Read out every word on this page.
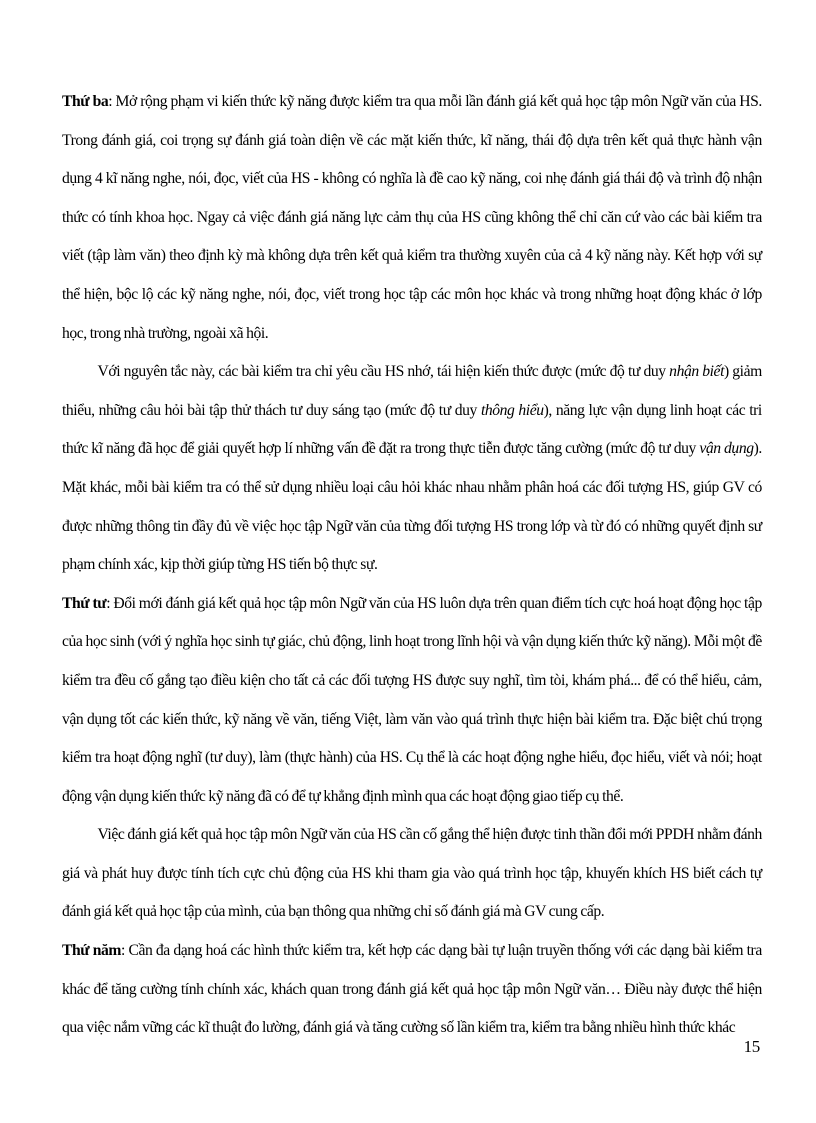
Thứ ba: Mở rộng phạm vi kiến thức kỹ năng được kiểm tra qua mỗi lần đánh giá kết quả học tập môn Ngữ văn của HS. Trong đánh giá, coi trọng sự đánh giá toàn diện về các mặt kiến thức, kĩ năng, thái độ dựa trên kết quả thực hành vận dụng 4 kĩ năng nghe, nói, đọc, viết của HS - không có nghĩa là đề cao kỹ năng, coi nhẹ đánh giá thái độ và trình độ nhận thức có tính khoa học. Ngay cả việc đánh giá năng lực cảm thụ của HS cũng không thể chỉ căn cứ vào các bài kiểm tra viết (tập làm văn) theo định kỳ mà không dựa trên kết quả kiểm tra thường xuyên của cả 4 kỹ năng này. Kết hợp với sự thể hiện, bộc lộ các kỹ năng nghe, nói, đọc, viết trong học tập các môn học khác và trong những hoạt động khác ở lớp học, trong nhà trường, ngoài xã hội.

Với nguyên tắc này, các bài kiểm tra chỉ yêu cầu HS nhớ, tái hiện kiến thức được (mức độ tư duy nhận biết) giảm thiểu, những câu hỏi bài tập thử thách tư duy sáng tạo (mức độ tư duy thông hiểu), năng lực vận dụng linh hoạt các tri thức kĩ năng đã học để giải quyết hợp lí những vấn đề đặt ra trong thực tiễn được tăng cường (mức độ tư duy vận dụng). Mặt khác, mỗi bài kiểm tra có thể sử dụng nhiều loại câu hỏi khác nhau nhằm phân hoá các đối tượng HS, giúp GV có được những thông tin đầy đủ về việc học tập Ngữ văn của từng đối tượng HS trong lớp và từ đó có những quyết định sư phạm chính xác, kịp thời giúp từng HS tiến bộ thực sự.

Thứ tư: Đổi mới đánh giá kết quả học tập môn Ngữ văn của HS luôn dựa trên quan điểm tích cực hoá hoạt động học tập của học sinh (với ý nghĩa học sinh tự giác, chủ động, linh hoạt trong lĩnh hội và vận dụng kiến thức kỹ năng). Mỗi một đề kiểm tra đều cố gắng tạo điều kiện cho tất cả các đối tượng HS được suy nghĩ, tìm tòi, khám phá... để có thể hiểu, cảm, vận dụng tốt các kiến thức, kỹ năng về văn, tiếng Việt, làm văn vào quá trình thực hiện bài kiểm tra. Đặc biệt chú trọng kiểm tra hoạt động nghĩ (tư duy), làm (thực hành) của HS. Cụ thể là các hoạt động nghe hiểu, đọc hiểu, viết và nói; hoạt động vận dụng kiến thức kỹ năng đã có để tự khẳng định mình qua các hoạt động giao tiếp cụ thể.

Việc đánh giá kết quả học tập môn Ngữ văn của HS cần cố gắng thể hiện được tinh thần đổi mới PPDH nhằm đánh giá và phát huy được tính tích cực chủ động của HS khi tham gia vào quá trình học tập, khuyến khích HS biết cách tự đánh giá kết quả học tập của mình, của bạn thông qua những chỉ số đánh giá mà GV cung cấp.

Thứ năm: Cần đa dạng hoá các hình thức kiểm tra, kết hợp các dạng bài tự luận truyền thống với các dạng bài kiểm tra khác để tăng cường tính chính xác, khách quan trong đánh giá kết quả học tập môn Ngữ văn… Điều này được thể hiện qua việc nắm vững các kĩ thuật đo lường, đánh giá và tăng cường số lần kiểm tra, kiểm tra bằng nhiều hình thức khác

15
